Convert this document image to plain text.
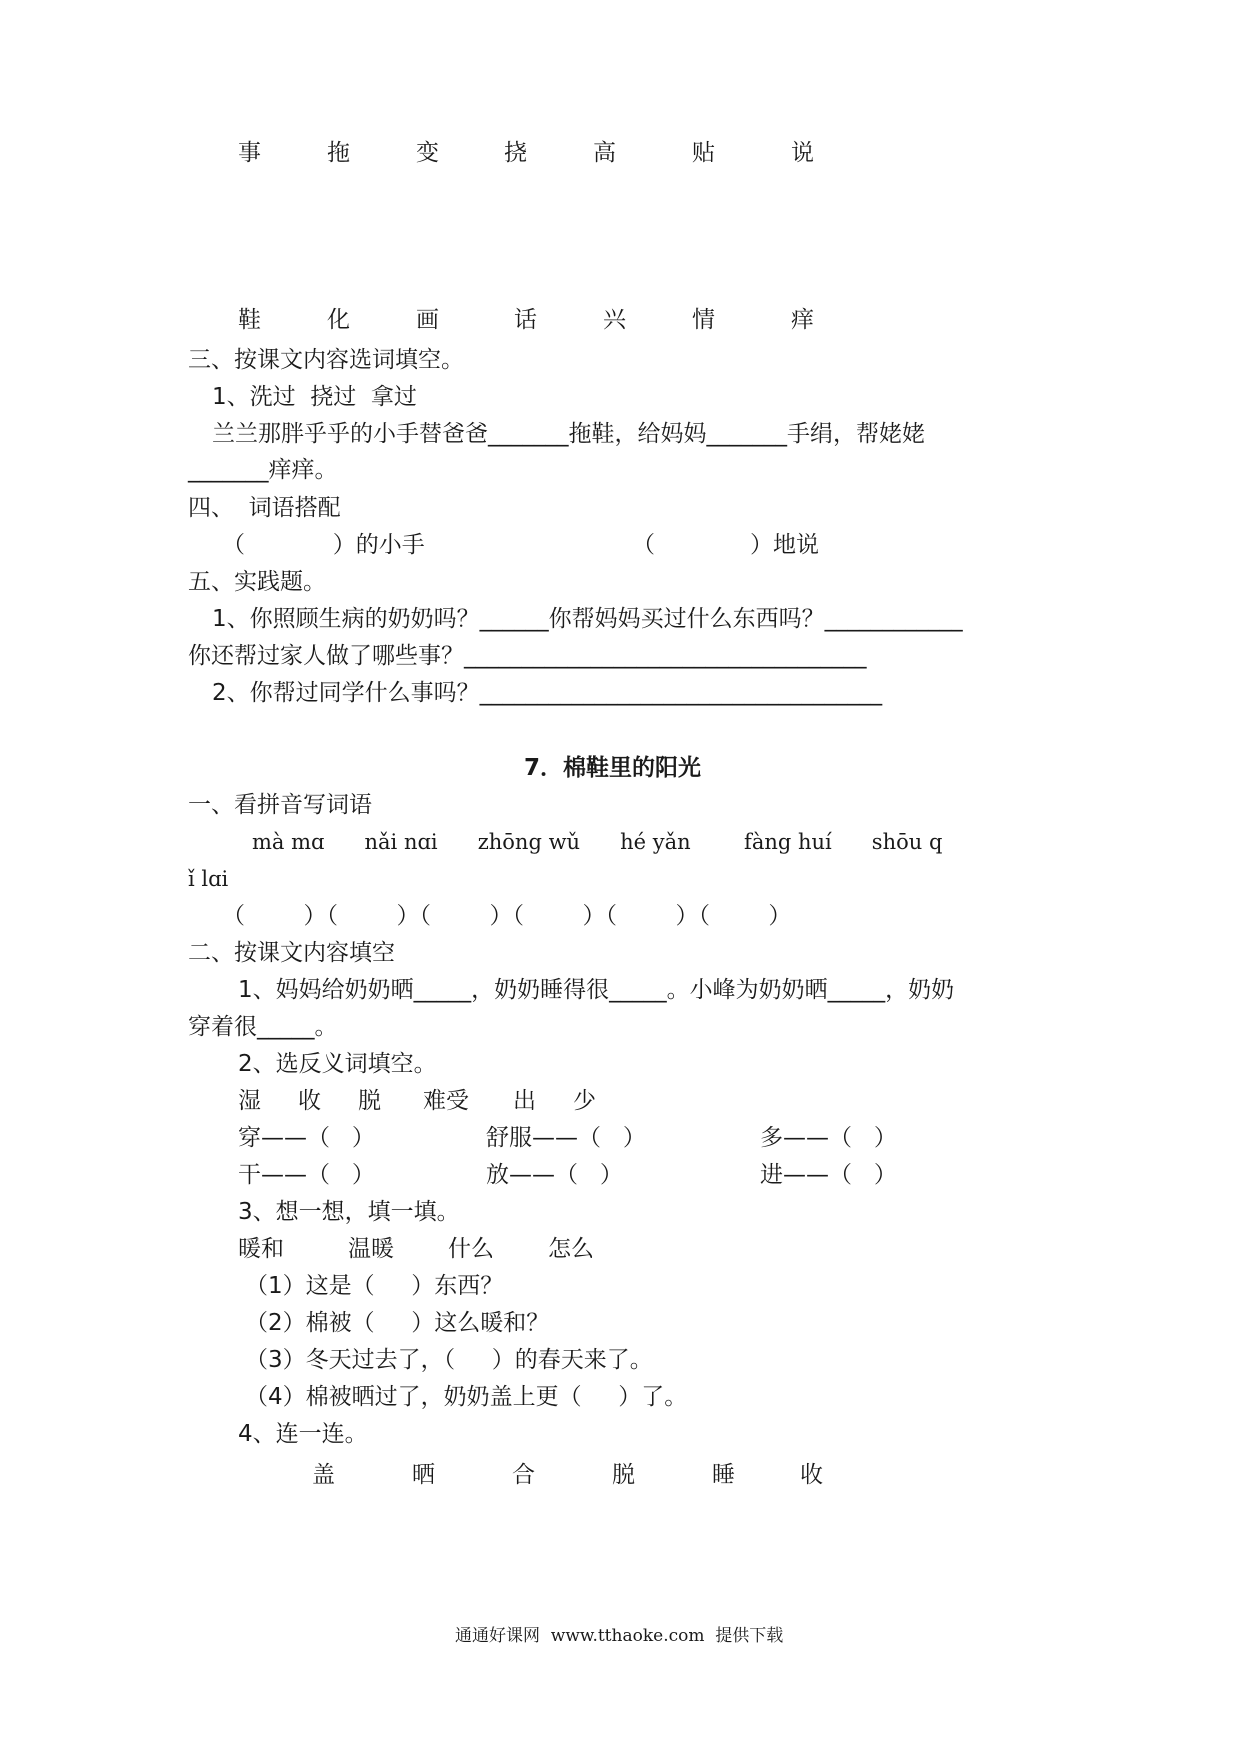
事	拖	变	挠	高	贴	说
鞋	化	画	话	兴	情	痒
三、按课文内容选词填空。
1、洗过  挠过  拿过
兰兰那胖乎乎的小手替爸爸_______拖鞋，给妈妈_______手绢，帮姥姥
_______痒痒。
四、  词语搭配
（            ）的小手	（             ）地说
五、实践题。
1、你照顾生病的奶奶吗？______你帮妈妈买过什么东西吗？____________
你还帮过家人做了哪些事？___________________________________
2、你帮过同学什么事吗？___________________________________
7．棉鞋里的阳光
一、看拼音写词语
mà mɑ      nǎi nɑi      zhōng wǔ      hé yǎn        fàng huí      shōu q
ǐ lɑi
（        ）（        ）（        ）（        ）（        ）（        ）
二、按课文内容填空
1、妈妈给奶奶晒_____，奶奶睡得很_____。小峰为奶奶晒_____，奶奶
穿着很_____。
2、选反义词填空。
湿 收 脱 难受 出 少
穿——（   ）	舒服——（   ）	多——（   ）
干——（   ）	放——（   ）	进——（   ）
3、想一想，填一填。
暖和	温暖 什么 怎么
（1）这是（     ）东西？
（2）棉被（     ）这么暖和？
（3）冬天过去了，（     ）的春天来了。
（4）棉被晒过了，奶奶盖上更（     ）了。
4、连一连。
盖	晒	合	脱	睡	收
通通好课网  www.tthaoke.com  提供下载
